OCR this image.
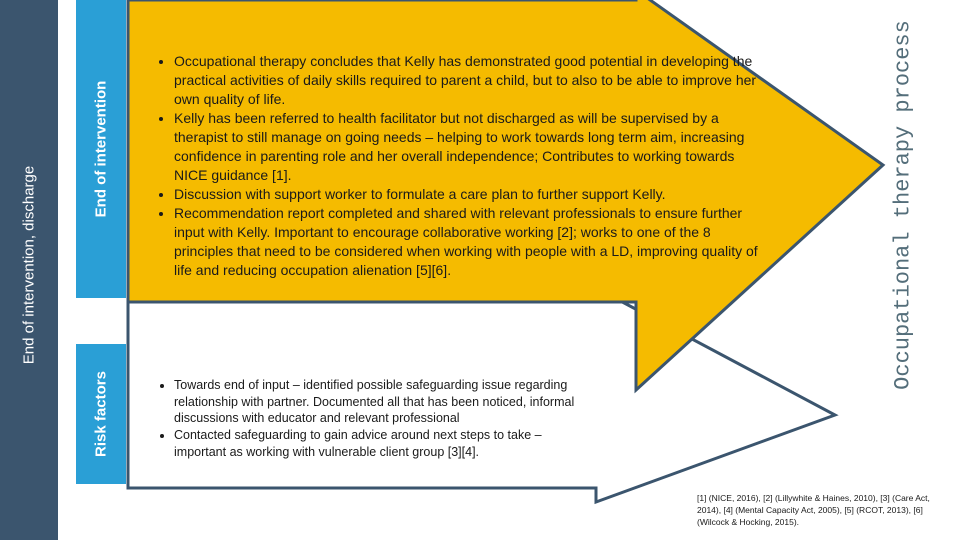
End of intervention, discharge
End of intervention
Risk factors
Occupational therapy process
• Occupational therapy concludes that Kelly has demonstrated good potential in developing the practical activities of daily skills required to parent a child, but to also to be able to improve her own quality of life.
• Kelly has been referred to health facilitator but not discharged as will be supervised by a therapist to still manage on going needs – helping to work towards long term aim, increasing confidence in parenting role and her overall independence; Contributes to working towards NICE guidance [1].
• Discussion with support worker to formulate a care plan to further support Kelly.
• Recommendation report completed and shared with relevant professionals to ensure further input with Kelly. Important to encourage collaborative working [2]; works to one of the 8 principles that need to be considered when working with people with a LD, improving quality of life and reducing occupation alienation [5][6].
• Towards end of input – identified possible safeguarding issue regarding relationship with partner. Documented all that has been noticed, informal discussions with educator and relevant professional
• Contacted safeguarding to gain advice around next steps to take – important as working with vulnerable client group [3][4].
[1] (NICE, 2016), [2] (Lillywhite & Haines, 2010), [3] (Care Act, 2014), [4] (Mental Capacity Act, 2005), [5] (RCOT, 2013), [6] (Wilcock & Hocking, 2015).
